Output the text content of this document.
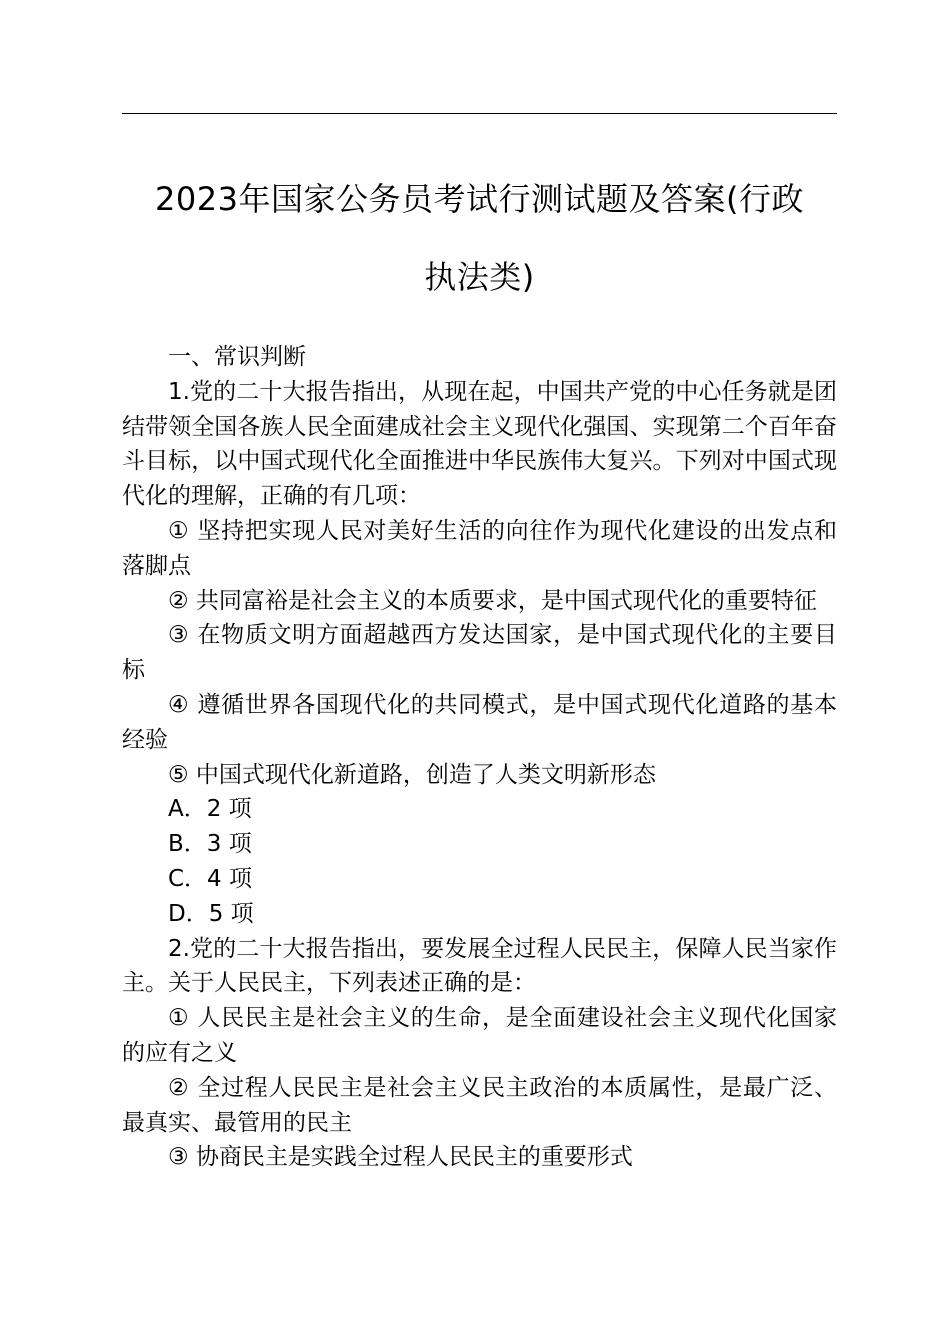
2023年国家公务员考试行测试题及答案(行政
执法类)

一、常识判断

1.党的二十大报告指出，从现在起，中国共产党的中心任务就是团结带领全国各族人民全面建成社会主义现代化强国、实现第二个百年奋斗目标，以中国式现代化全面推进中华民族伟大复兴。下列对中国式现代化的理解，正确的有几项：

① 坚持把实现人民对美好生活的向往作为现代化建设的出发点和落脚点

② 共同富裕是社会主义的本质要求，是中国式现代化的重要特征

③ 在物质文明方面超越西方发达国家，是中国式现代化的主要目标

④ 遵循世界各国现代化的共同模式，是中国式现代化道路的基本经验

⑤ 中国式现代化新道路，创造了人类文明新形态

A．2 项

B．3 项

C．4 项

D．5 项

2.党的二十大报告指出，要发展全过程人民民主，保障人民当家作主。关于人民民主，下列表述正确的是：

① 人民民主是社会主义的生命，是全面建设社会主义现代化国家的应有之义

② 全过程人民民主是社会主义民主政治的本质属性，是最广泛、最真实、最管用的民主

③ 协商民主是实践全过程人民民主的重要形式
